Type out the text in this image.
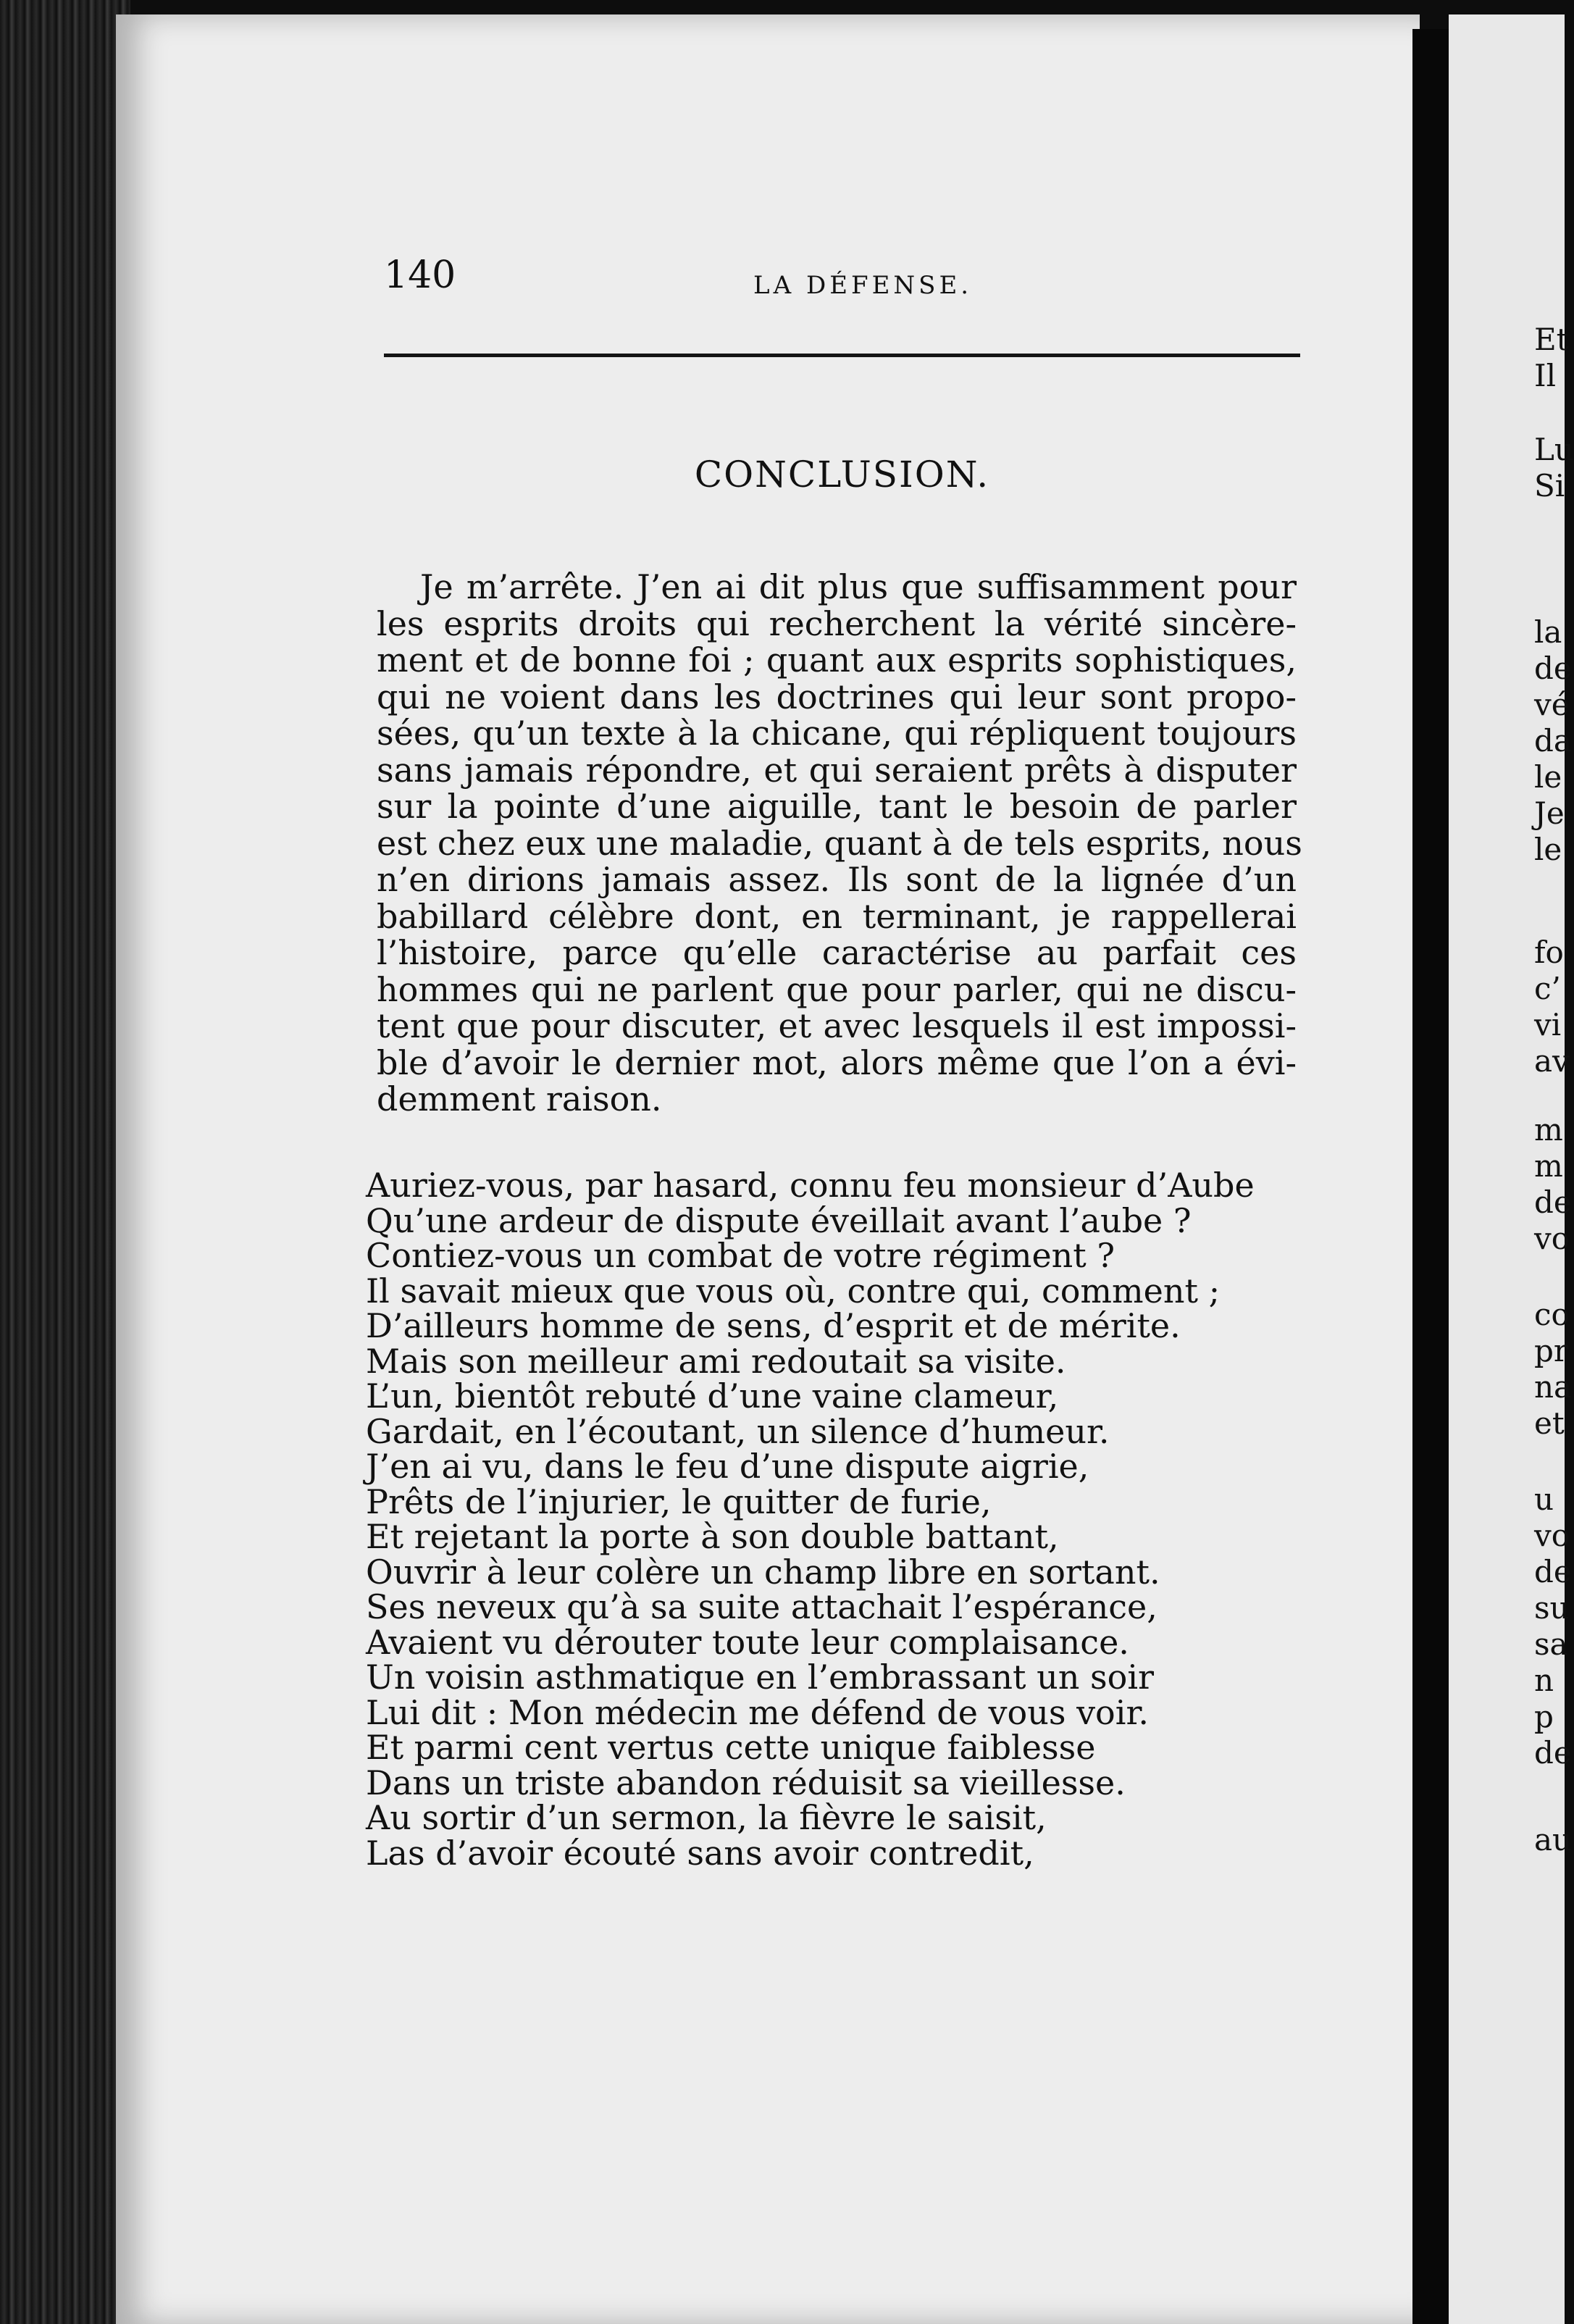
140	LA DÉFENSE.
CONCLUSION.
Je m’arrête. J’en ai dit plus que suffisamment pour
les esprits droits qui recherchent la vérité sincère-
ment et de bonne foi ; quant aux esprits sophistiques,
qui ne voient dans les doctrines qui leur sont propo-
sées, qu’un texte à la chicane, qui répliquent toujours
sans jamais répondre, et qui seraient prêts à disputer
sur la pointe d’une aiguille, tant le besoin de parler
est chez eux une maladie, quant à de tels esprits, nous
n’en dirions jamais assez. Ils sont de la lignée d’un
babillard célèbre dont, en terminant, je rappellerai
l’histoire, parce qu’elle caractérise au parfait ces
hommes qui ne parlent que pour parler, qui ne discu-
tent que pour discuter, et avec lesquels il est impossi-
ble d’avoir le dernier mot, alors même que l’on a évi-
demment raison.
Auriez-vous, par hasard, connu feu monsieur d’Aube
Qu’une ardeur de dispute éveillait avant l’aube ?
Contiez-vous un combat de votre régiment ?
Il savait mieux que vous où, contre qui, comment ;
D’ailleurs homme de sens, d’esprit et de mérite.
Mais son meilleur ami redoutait sa visite.
L’un, bientôt rebuté d’une vaine clameur,
Gardait, en l’écoutant, un silence d’humeur.
J’en ai vu, dans le feu d’une dispute aigrie,
Prêts de l’injurier, le quitter de furie,
Et rejetant la porte à son double battant,
Ouvrir à leur colère un champ libre en sortant.
Ses neveux qu’à sa suite attachait l’espérance,
Avaient vu dérouter toute leur complaisance.
Un voisin asthmatique en l’embrassant un soir
Lui dit : Mon médecin me défend de vous voir.
Et parmi cent vertus cette unique faiblesse
Dans un triste abandon réduisit sa vieillesse.
Au sortir d’un sermon, la fièvre le saisit,
Las d’avoir écouté sans avoir contredit,
Et
Il
Lu
Si
la
de
vé
da
le
Je
le
fo
c’
vi
av
m
m
de
vo
co
pr
na
et
u
vo
de
su
sa
n
p
de
au
